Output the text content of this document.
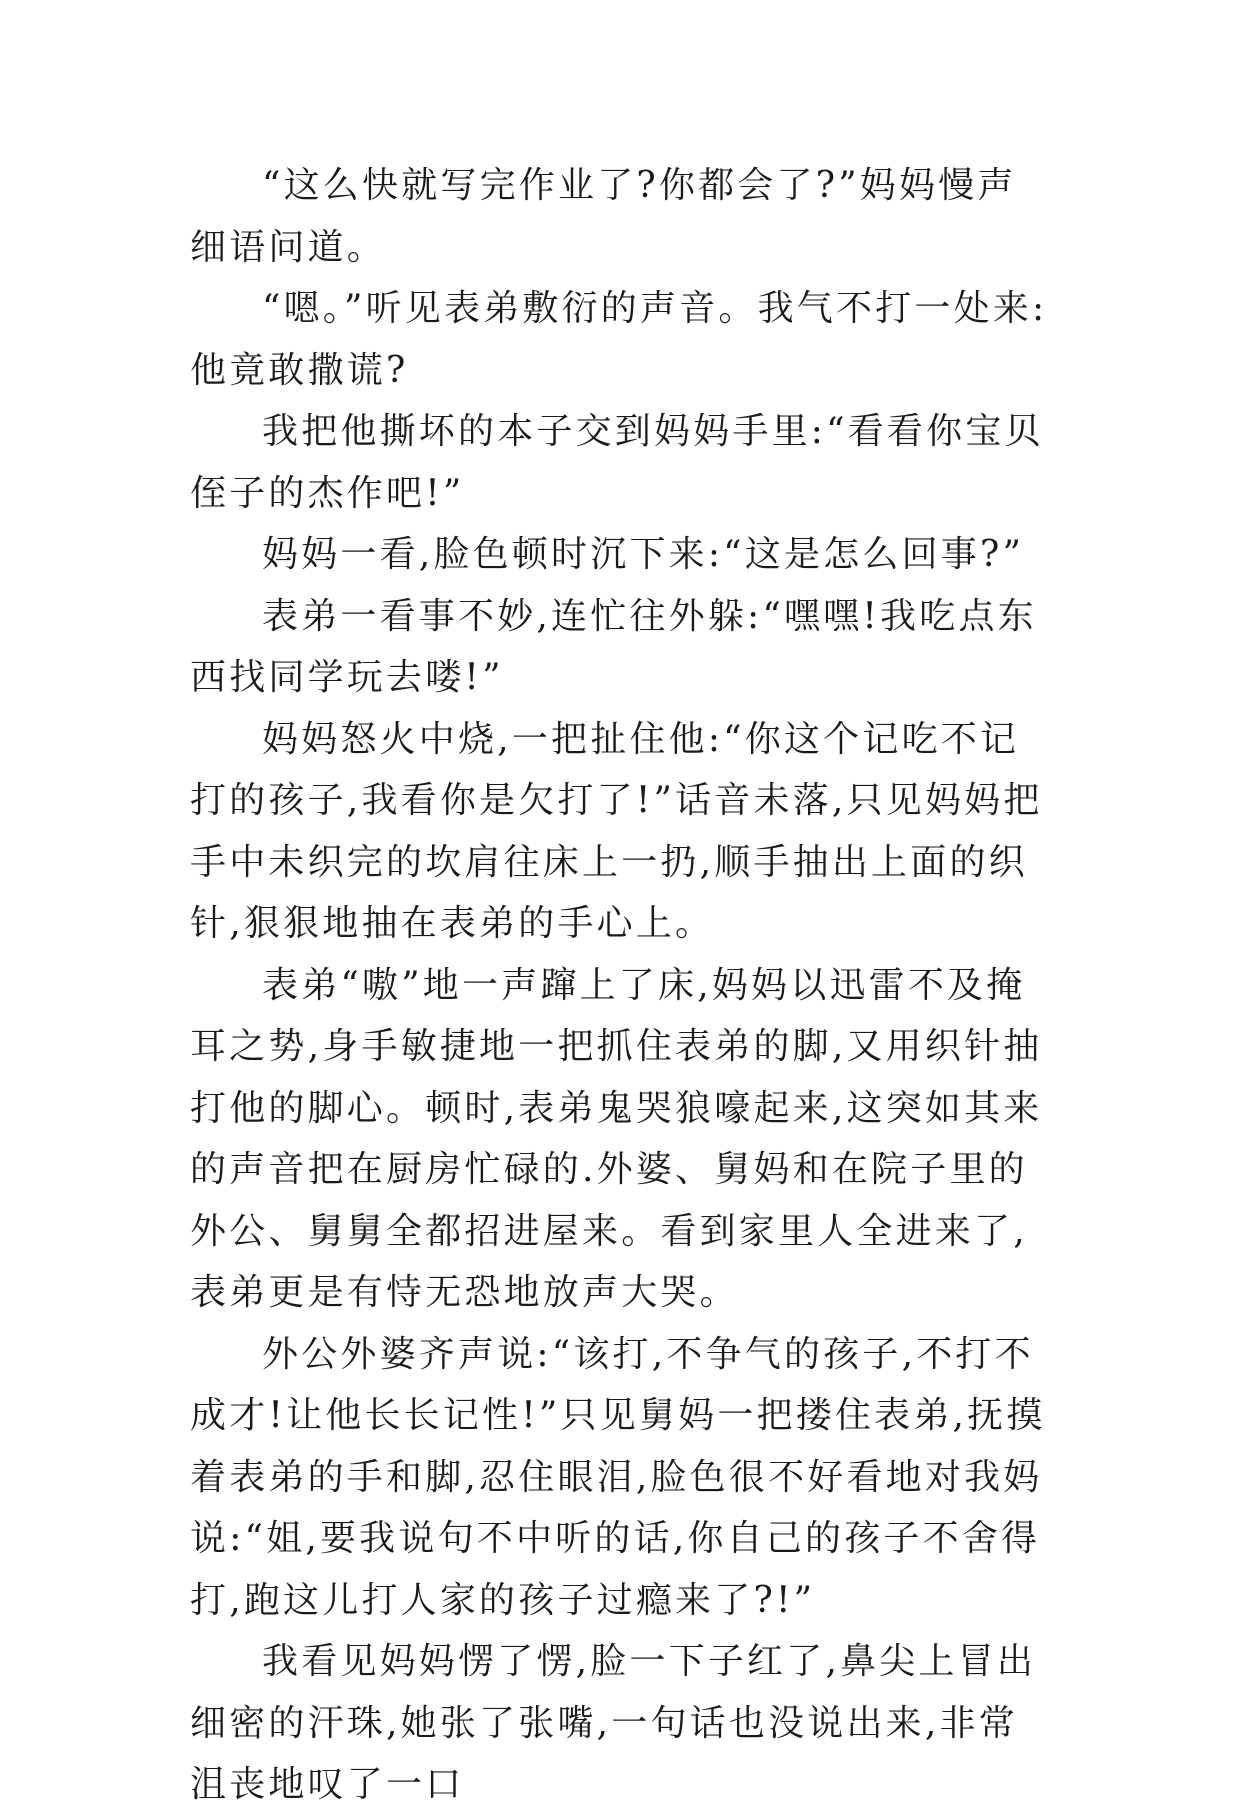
“这么快就写完作业了?你都会了?”妈妈慢声细语问道。

“嗯。”听见表弟敷衍的声音。我气不打一处来:他竟敢撒谎?

我把他撕坏的本子交到妈妈手里:“看看你宝贝侄子的杰作吧!”

妈妈一看,脸色顿时沉下来:“这是怎么回事?”

表弟一看事不妙,连忙往外躲:“嘿嘿!我吃点东西找同学玩去喽!”

妈妈怒火中烧,一把扯住他:“你这个记吃不记打的孩子,我看你是欠打了!”话音未落,只见妈妈把手中未织完的坎肩往床上一扔,顺手抽出上面的织针,狠狠地抽在表弟的手心上。

表弟“嗷”地一声蹿上了床,妈妈以迅雷不及掩耳之势,身手敏捷地一把抓住表弟的脚,又用织针抽打他的脚心。顿时,表弟鬼哭狼嚎起来,这突如其来的声音把在厨房忙碌的.外婆、舅妈和在院子里的外公、舅舅全都招进屋来。看到家里人全进来了,表弟更是有恃无恐地放声大哭。

外公外婆齐声说:“该打,不争气的孩子,不打不成才!让他长长记性!”只见舅妈一把搂住表弟,抚摸着表弟的手和脚,忍住眼泪,脸色很不好看地对我妈说:“姐,要我说句不中听的话,你自己的孩子不舍得打,跑这儿打人家的孩子过瘾来了?!”

我看见妈妈愣了愣,脸一下子红了,鼻尖上冒出细密的汗珠,她张了张嘴,一句话也没说出来,非常沮丧地叹了一口
